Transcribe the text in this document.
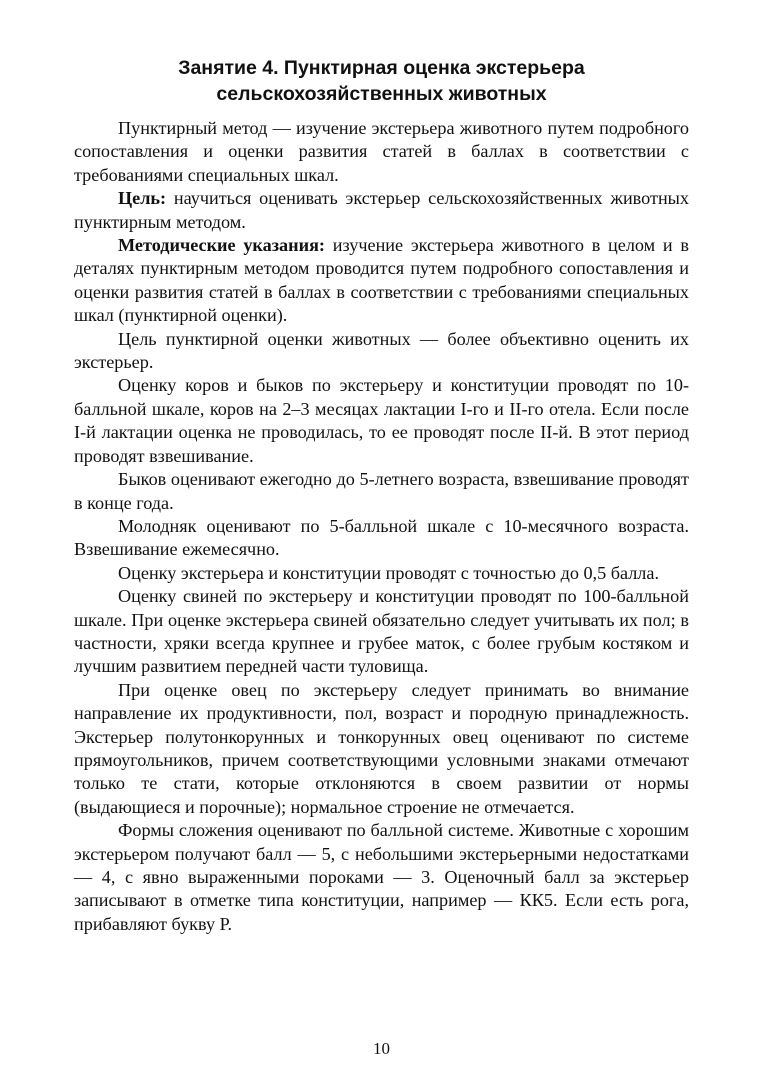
Занятие 4. Пунктирная оценка экстерьера
сельскохозяйственных животных

Пунктирный метод — изучение экстерьера животного путем подробного сопоставления и оценки развития статей в баллах в соответствии с требованиями специальных шкал.

Цель: научиться оценивать экстерьер сельскохозяйственных животных пунктирным методом.

Методические указания: изучение экстерьера животного в целом и в деталях пунктирным методом проводится путем подробного сопоставления и оценки развития статей в баллах в соответствии с требованиями специальных шкал (пунктирной оценки).

Цель пунктирной оценки животных — более объективно оценить их экстерьер.

Оценку коров и быков по экстерьеру и конституции проводят по 10-балльной шкале, коров на 2–3 месяцах лактации I-го и II-го отела. Если после I-й лактации оценка не проводилась, то ее проводят после II-й. В этот период проводят взвешивание.

Быков оценивают ежегодно до 5-летнего возраста, взвешивание проводят в конце года.

Молодняк оценивают по 5-балльной шкале с 10-месячного возраста. Взвешивание ежемесячно.

Оценку экстерьера и конституции проводят с точностью до 0,5 балла.

Оценку свиней по экстерьеру и конституции проводят по 100-балльной шкале. При оценке экстерьера свиней обязательно следует учитывать их пол; в частности, хряки всегда крупнее и грубее маток, с более грубым костяком и лучшим развитием передней части туловища.

При оценке овец по экстерьеру следует принимать во внимание направление их продуктивности, пол, возраст и породную принадлежность. Экстерьер полутонкорунных и тонкорунных овец оценивают по системе прямоугольников, причем соответствующими условными знаками отмечают только те стати, которые отклоняются в своем развитии от нормы (выдающиеся и порочные); нормальное строение не отмечается.

Формы сложения оценивают по балльной системе. Животные с хорошим экстерьером получают балл — 5, с небольшими экстерьерными недостатками — 4, с явно выраженными пороками — 3. Оценочный балл за экстерьер записывают в отметке типа конституции, например — КК5. Если есть рога, прибавляют букву Р.

10
